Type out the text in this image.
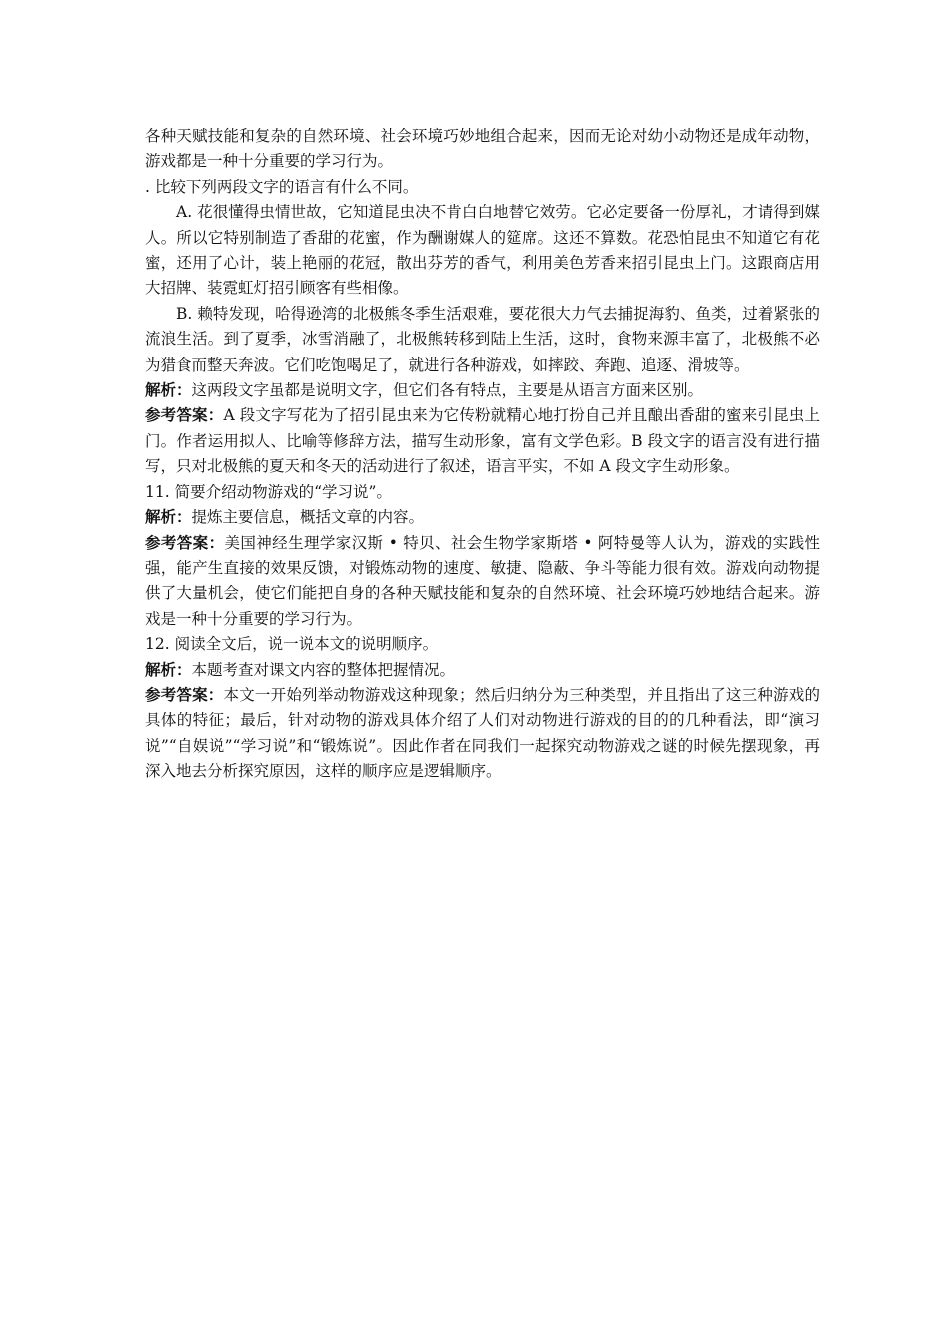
各种天赋技能和复杂的自然环境、社会环境巧妙地组合起来，因而无论对幼小动物还是成年动物，游戏都是一种十分重要的学习行为。

. 比较下列两段文字的语言有什么不同。

A. 花很懂得虫情世故，它知道昆虫决不肯白白地替它效劳。它必定要备一份厚礼，才请得到媒人。所以它特别制造了香甜的花蜜，作为酬谢媒人的筵席。这还不算数。花恐怕昆虫不知道它有花蜜，还用了心计，装上艳丽的花冠，散出芬芳的香气，利用美色芳香来招引昆虫上门。这跟商店用大招牌、装霓虹灯招引顾客有些相像。

B. 赖特发现，哈得逊湾的北极熊冬季生活艰难，要花很大力气去捕捉海豹、鱼类，过着紧张的流浪生活。到了夏季，冰雪消融了，北极熊转移到陆上生活，这时，食物来源丰富了，北极熊不必为猎食而整天奔波。它们吃饱喝足了，就进行各种游戏，如摔跤、奔跑、追逐、滑坡等。

解析：这两段文字虽都是说明文字，但它们各有特点，主要是从语言方面来区别。

参考答案：A 段文字写花为了招引昆虫来为它传粉就精心地打扮自己并且酿出香甜的蜜来引昆虫上门。作者运用拟人、比喻等修辞方法，描写生动形象，富有文学色彩。B 段文字的语言没有进行描写，只对北极熊的夏天和冬天的活动进行了叙述，语言平实，不如 A 段文字生动形象。

11. 简要介绍动物游戏的“学习说”。

解析：提炼主要信息，概括文章的内容。

参考答案：美国神经生理学家汉斯 • 特贝、社会生物学家斯塔 • 阿特曼等人认为，游戏的实践性强，能产生直接的效果反馈，对锻炼动物的速度、敏捷、隐蔽、争斗等能力很有效。游戏向动物提供了大量机会，使它们能把自身的各种天赋技能和复杂的自然环境、社会环境巧妙地结合起来。游戏是一种十分重要的学习行为。

12. 阅读全文后，说一说本文的说明顺序。

解析：本题考查对课文内容的整体把握情况。

参考答案：本文一开始列举动物游戏这种现象；然后归纳分为三种类型，并且指出了这三种游戏的具体的特征；最后，针对动物的游戏具体介绍了人们对动物进行游戏的目的的几种看法，即“演习说”“自娱说”“学习说”和“锻炼说”。因此作者在同我们一起探究动物游戏之谜的时候先摆现象，再深入地去分析探究原因，这样的顺序应是逻辑顺序。
